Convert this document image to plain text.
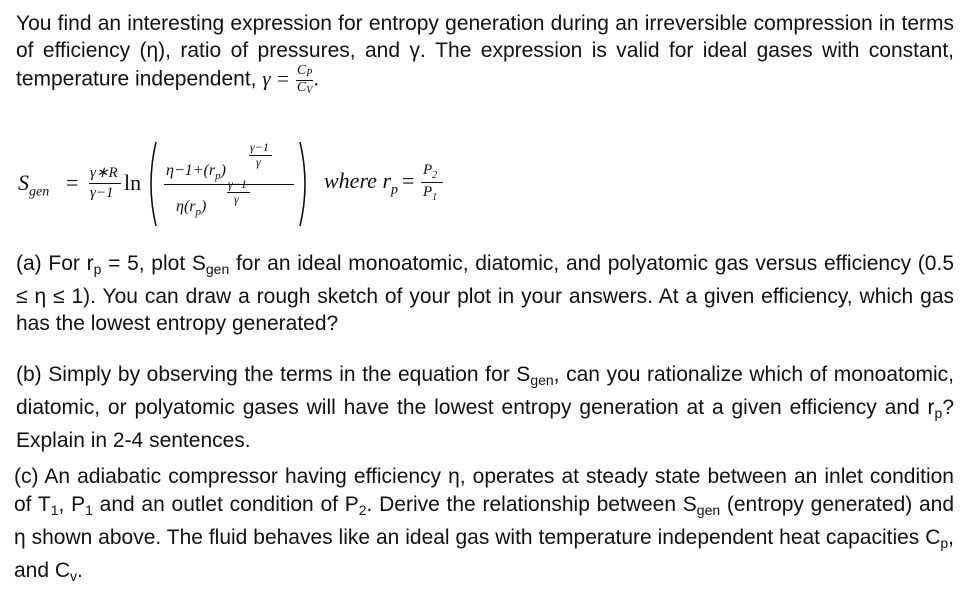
You find an interesting expression for entropy generation during an irreversible compression in terms of efficiency (η), ratio of pressures, and γ. The expression is valid for ideal gases with constant, temperature independent, $\gamma = \frac{C_P}{C_V}$ .
$S_{gen}$ = γ∗R
γ−1 $\ln \eta-1+(r_p)$
γ−1
γ
$\eta(r_p)$
γ−1
γ
where $r_p = P_2$
$P_1$
(a) For $r_p = 5$, plot $S_{gen}$ for an ideal monoatomic, diatomic, and polyatomic gas versus efficiency (0.5 ≤ η ≤ 1). You can draw a rough sketch of your plot in your answers. At a given efficiency, which gas has the lowest entropy generated?
(b) Simply by observing the terms in the equation for $S_{gen}$, can you rationalize which of monoatomic, diatomic, or polyatomic gases will have the lowest entropy generation at a given efficiency and $r_p$? Explain in 2-4 sentences.
(c) An adiabatic compressor having efficiency η, operates at steady state between an inlet condition of $T_1$, $P_1$ and an outlet condition of $P_2$. Derive the relationship between $S_{gen}$ (entropy generated) and η shown above. The fluid behaves like an ideal gas with temperature independent heat capacities $C_p$, and $C_v$.
